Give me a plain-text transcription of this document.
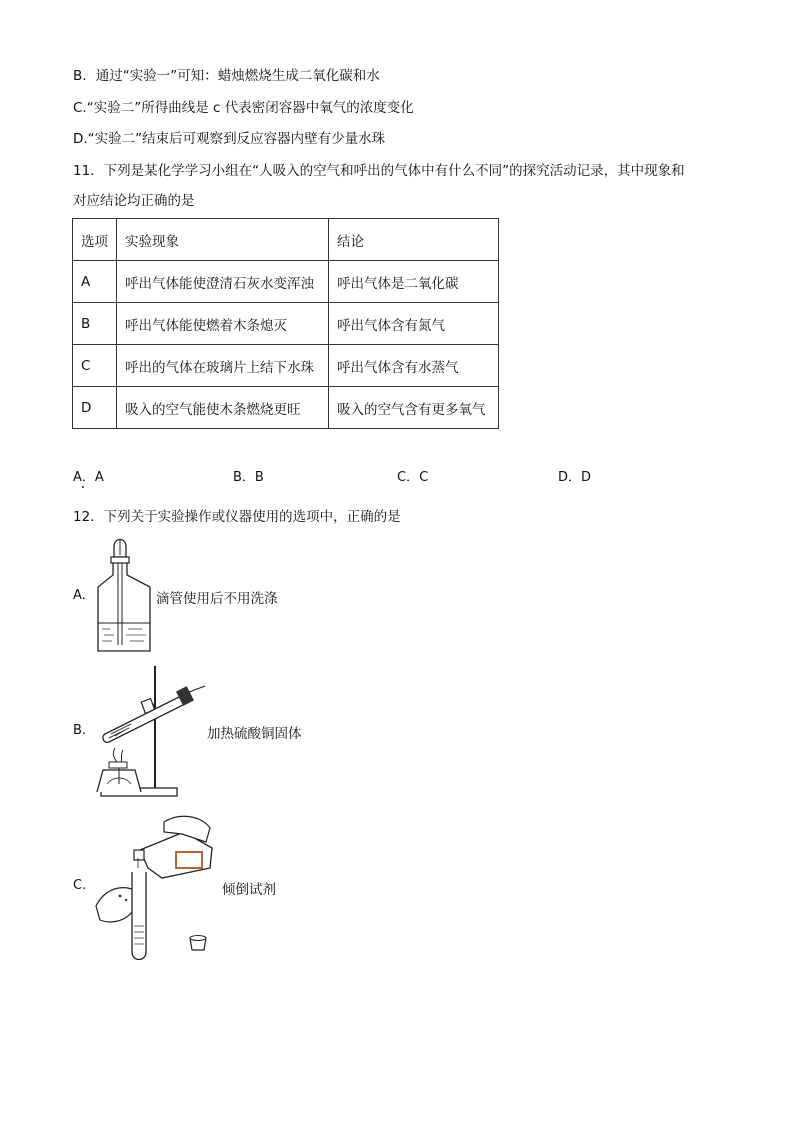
B．通过“实验一”可知：蜡烛燃烧生成二氧化碳和水
C.“实验二”所得曲线是 c 代表密闭容器中氧气的浓度变化
D.“实验二”结束后可观察到反应容器内壁有少量水珠
11．下列是某化学学习小组在“人吸入的空气和呼出的气体中有什么不同”的探究活动记录，其中现象和
对应结论均正确的是
选项	实验现象	结论
A	呼出气体能使澄清石灰水变浑浊	呼出气体是二氧化碳
B	呼出气体能使燃着木条熄灭	呼出气体含有氮气
C	呼出的气体在玻璃片上结下水珠	呼出气体含有水蒸气
D	吸入的空气能使木条燃烧更旺	吸入的空气含有更多氧气
A．A	B．B	C．C	D．D
12．下列关于实验操作或仪器使用的选项中，正确的是
A.	滴管使用后不用洗涤
B.	加热硫酸铜固体
C.	倾倒试剂
